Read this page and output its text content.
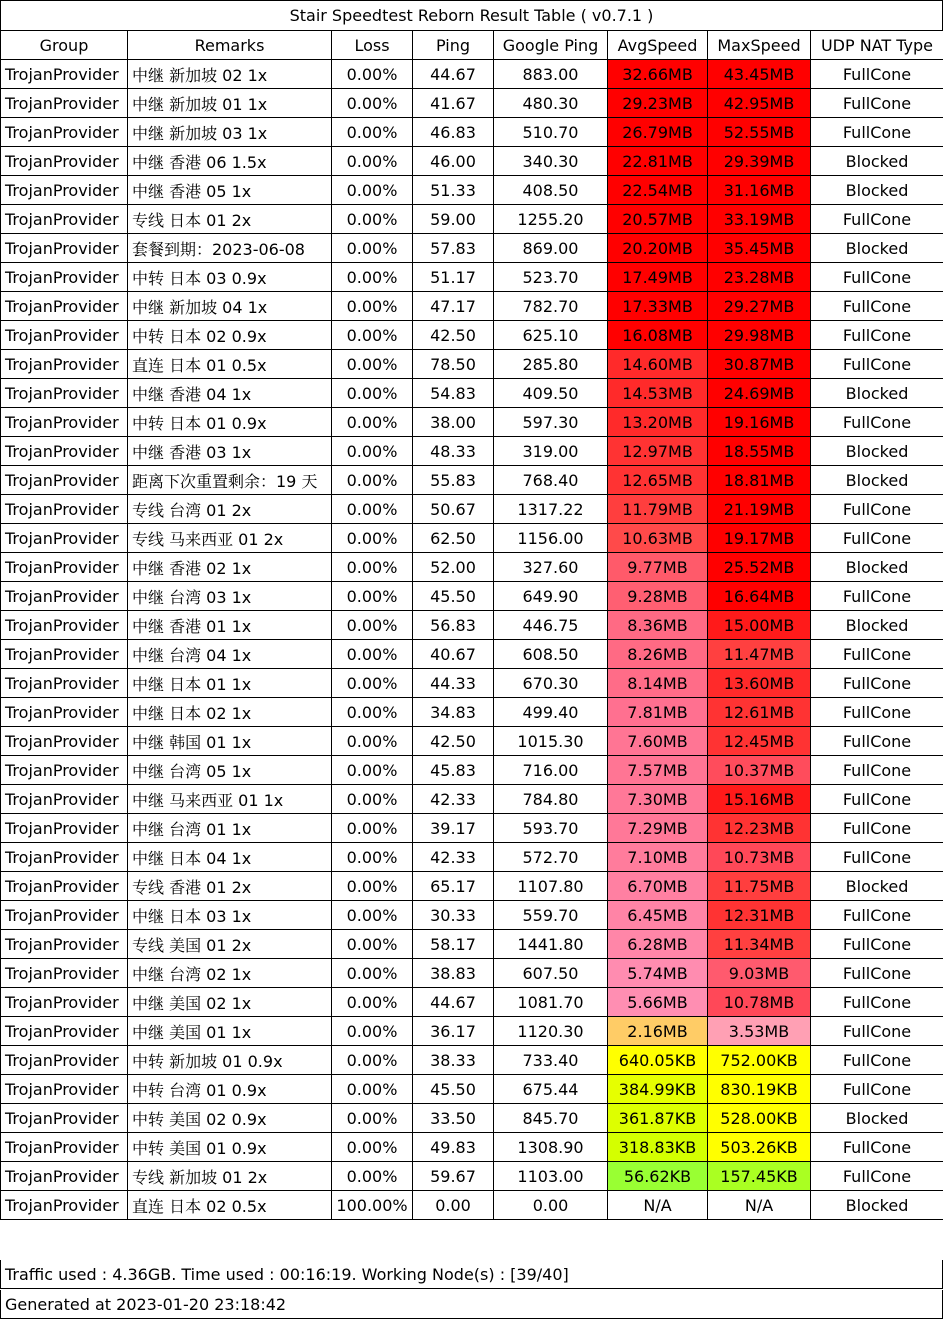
Stair Speedtest Reborn Result Table ( v0.7.1 )
Group	Remarks	Loss	Ping	Google Ping	AvgSpeed	MaxSpeed	UDP NAT Type
TrojanProvider	中继 新加坡 02 1x	0.00%	44.67	883.00	32.66MB	43.45MB	FullCone
TrojanProvider	中继 新加坡 01 1x	0.00%	41.67	480.30	29.23MB	42.95MB	FullCone
TrojanProvider	中继 新加坡 03 1x	0.00%	46.83	510.70	26.79MB	52.55MB	FullCone
TrojanProvider	中继 香港 06 1.5x	0.00%	46.00	340.30	22.81MB	29.39MB	Blocked
TrojanProvider	中继 香港 05 1x	0.00%	51.33	408.50	22.54MB	31.16MB	Blocked
TrojanProvider	专线 日本 01 2x	0.00%	59.00	1255.20	20.57MB	33.19MB	FullCone
TrojanProvider	套餐到期：2023-06-08	0.00%	57.83	869.00	20.20MB	35.45MB	Blocked
TrojanProvider	中转 日本 03 0.9x	0.00%	51.17	523.70	17.49MB	23.28MB	FullCone
TrojanProvider	中继 新加坡 04 1x	0.00%	47.17	782.70	17.33MB	29.27MB	FullCone
TrojanProvider	中转 日本 02 0.9x	0.00%	42.50	625.10	16.08MB	29.98MB	FullCone
TrojanProvider	直连 日本 01 0.5x	0.00%	78.50	285.80	14.60MB	30.87MB	FullCone
TrojanProvider	中继 香港 04 1x	0.00%	54.83	409.50	14.53MB	24.69MB	Blocked
TrojanProvider	中转 日本 01 0.9x	0.00%	38.00	597.30	13.20MB	19.16MB	FullCone
TrojanProvider	中继 香港 03 1x	0.00%	48.33	319.00	12.97MB	18.55MB	Blocked
TrojanProvider	距离下次重置剩余：19 天	0.00%	55.83	768.40	12.65MB	18.81MB	Blocked
TrojanProvider	专线 台湾 01 2x	0.00%	50.67	1317.22	11.79MB	21.19MB	FullCone
TrojanProvider	专线 马来西亚 01 2x	0.00%	62.50	1156.00	10.63MB	19.17MB	FullCone
TrojanProvider	中继 香港 02 1x	0.00%	52.00	327.60	9.77MB	25.52MB	Blocked
TrojanProvider	中继 台湾 03 1x	0.00%	45.50	649.90	9.28MB	16.64MB	FullCone
TrojanProvider	中继 香港 01 1x	0.00%	56.83	446.75	8.36MB	15.00MB	Blocked
TrojanProvider	中继 台湾 04 1x	0.00%	40.67	608.50	8.26MB	11.47MB	FullCone
TrojanProvider	中继 日本 01 1x	0.00%	44.33	670.30	8.14MB	13.60MB	FullCone
TrojanProvider	中继 日本 02 1x	0.00%	34.83	499.40	7.81MB	12.61MB	FullCone
TrojanProvider	中继 韩国 01 1x	0.00%	42.50	1015.30	7.60MB	12.45MB	FullCone
TrojanProvider	中继 台湾 05 1x	0.00%	45.83	716.00	7.57MB	10.37MB	FullCone
TrojanProvider	中继 马来西亚 01 1x	0.00%	42.33	784.80	7.30MB	15.16MB	FullCone
TrojanProvider	中继 台湾 01 1x	0.00%	39.17	593.70	7.29MB	12.23MB	FullCone
TrojanProvider	中继 日本 04 1x	0.00%	42.33	572.70	7.10MB	10.73MB	FullCone
TrojanProvider	专线 香港 01 2x	0.00%	65.17	1107.80	6.70MB	11.75MB	Blocked
TrojanProvider	中继 日本 03 1x	0.00%	30.33	559.70	6.45MB	12.31MB	FullCone
TrojanProvider	专线 美国 01 2x	0.00%	58.17	1441.80	6.28MB	11.34MB	FullCone
TrojanProvider	中继 台湾 02 1x	0.00%	38.83	607.50	5.74MB	9.03MB	FullCone
TrojanProvider	中继 美国 02 1x	0.00%	44.67	1081.70	5.66MB	10.78MB	FullCone
TrojanProvider	中继 美国 01 1x	0.00%	36.17	1120.30	2.16MB	3.53MB	FullCone
TrojanProvider	中转 新加坡 01 0.9x	0.00%	38.33	733.40	640.05KB	752.00KB	FullCone
TrojanProvider	中转 台湾 01 0.9x	0.00%	45.50	675.44	384.99KB	830.19KB	FullCone
TrojanProvider	中转 美国 02 0.9x	0.00%	33.50	845.70	361.87KB	528.00KB	Blocked
TrojanProvider	中转 美国 01 0.9x	0.00%	49.83	1308.90	318.83KB	503.26KB	FullCone
TrojanProvider	专线 新加坡 01 2x	0.00%	59.67	1103.00	56.62KB	157.45KB	FullCone
TrojanProvider	直连 日本 02 0.5x	100.00%	0.00	0.00	N/A	N/A	Blocked
Traffic used : 4.36GB. Time used : 00:16:19. Working Node(s) : [39/40]
Generated at 2023-01-20 23:18:42
